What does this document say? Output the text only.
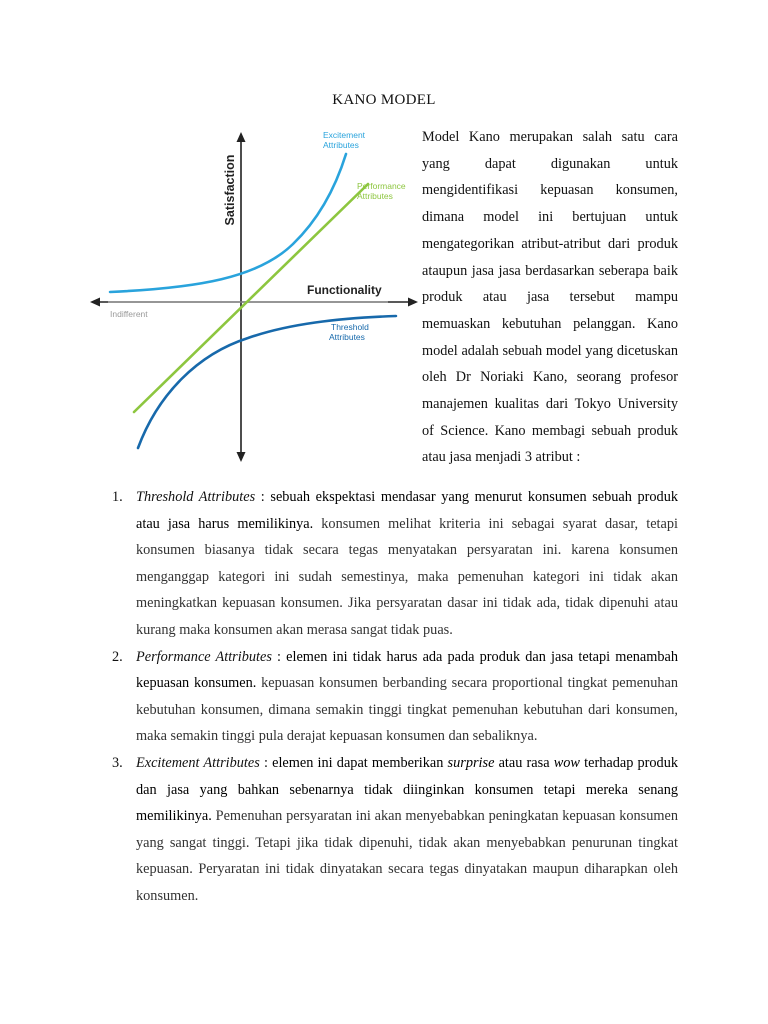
KANO MODEL
Satisfaction
Functionality
Indifferent
Excitement
Attributes
Performance
Attributes
Threshold
Attributes

Model Kano merupakan salah satu cara yang dapat digunakan untuk mengidentifikasi kepuasan konsumen, dimana model ini bertujuan untuk mengategorikan atribut-atribut dari produk ataupun jasa jasa berdasarkan seberapa baik produk atau jasa tersebut mampu memuaskan kebutuhan pelanggan. Kano model adalah sebuah model yang dicetuskan oleh Dr Noriaki Kano, seorang profesor manajemen kualitas dari Tokyo University of Science. Kano membagi sebuah produk atau jasa menjadi 3 atribut :

1. Threshold Attributes : sebuah ekspektasi mendasar yang menurut konsumen sebuah produk atau jasa harus memilikinya. konsumen melihat kriteria ini sebagai syarat dasar, tetapi konsumen biasanya tidak secara tegas menyatakan persyaratan ini. karena konsumen menganggap kategori ini sudah semestinya, maka pemenuhan kategori ini tidak akan meningkatkan kepuasan konsumen. Jika persyaratan dasar ini tidak ada, tidak dipenuhi atau kurang maka konsumen akan merasa sangat tidak puas.
2. Performance Attributes : elemen ini tidak harus ada pada produk dan jasa tetapi menambah kepuasan konsumen. kepuasan konsumen berbanding secara proportional tingkat pemenuhan kebutuhan konsumen, dimana semakin tinggi tingkat pemenuhan kebutuhan dari konsumen, maka semakin tinggi pula derajat kepuasan konsumen dan sebaliknya.
3. Excitement Attributes : elemen ini dapat memberikan surprise atau rasa wow terhadap produk dan jasa yang bahkan sebenarnya tidak diinginkan konsumen tetapi mereka senang memilikinya. Pemenuhan persyaratan ini akan menyebabkan peningkatan kepuasan konsumen yang sangat tinggi. Tetapi jika tidak dipenuhi, tidak akan menyebabkan penurunan tingkat kepuasan. Peryaratan ini tidak dinyatakan secara tegas dinyatakan maupun diharapkan oleh konsumen.
